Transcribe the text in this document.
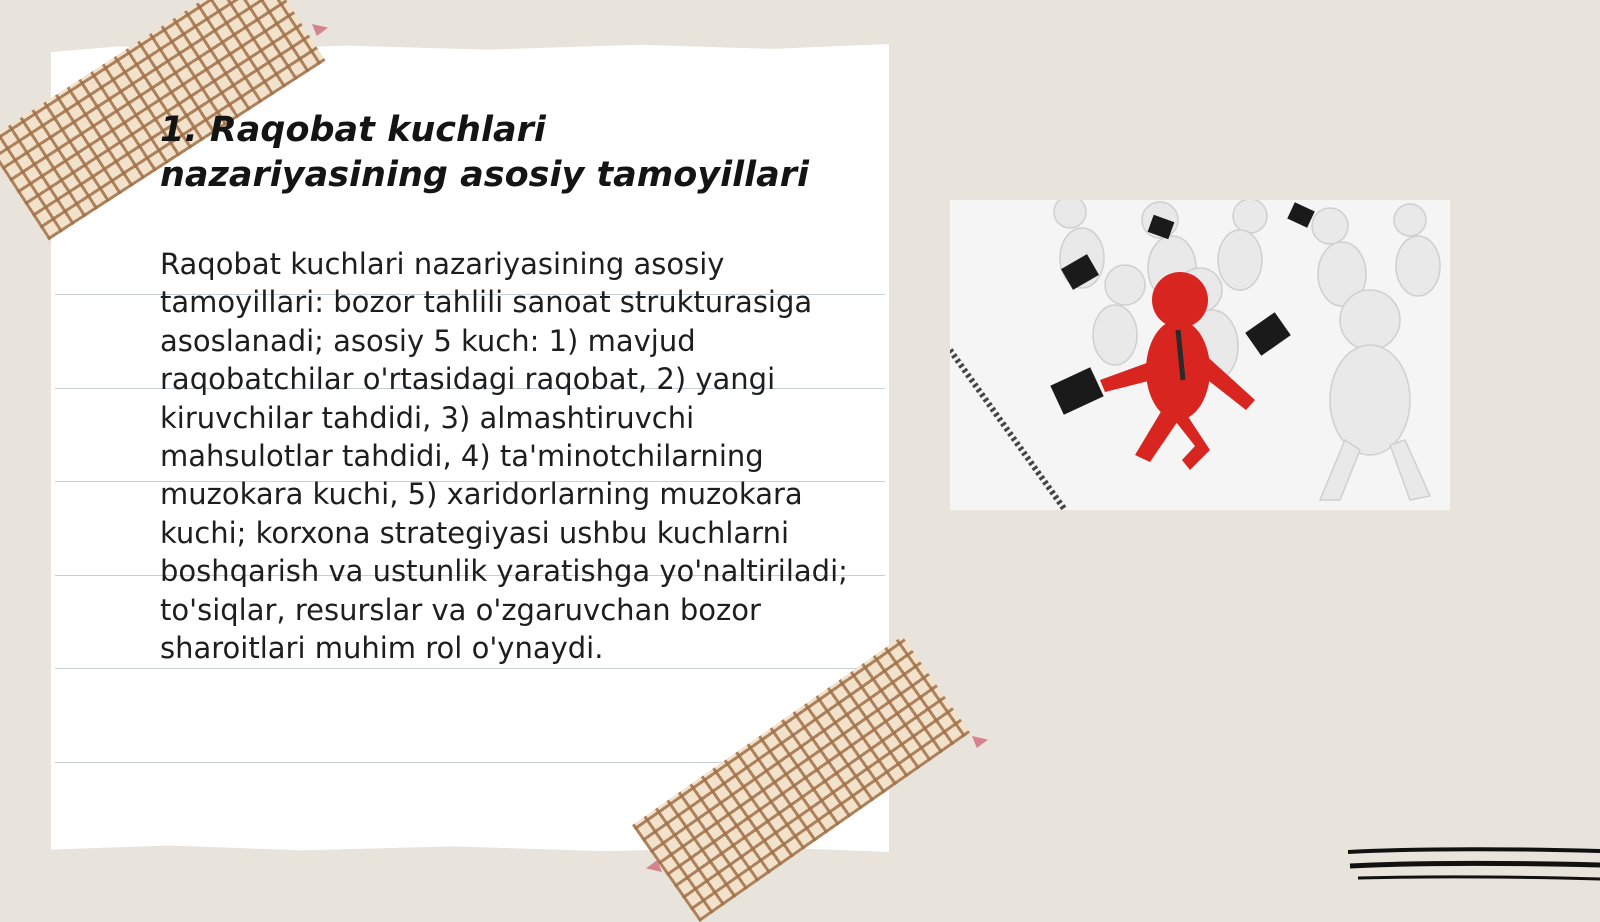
1. Raqobat kuchlari nazariyasining asosiy tamoyillari

Raqobat kuchlari nazariyasining asosiy tamoyillari: bozor tahlili sanoat strukturasiga asoslanadi; asosiy 5 kuch: 1) mavjud raqobatchilar o'rtasidagi raqobat, 2) yangi kiruvchilar tahdidi, 3) almashtiruvchi mahsulotlar tahdidi, 4) ta'minotchilarning muzokara kuchi, 5) xaridorlarning muzokara kuchi; korxona strategiyasi ushbu kuchlarni boshqarish va ustunlik yaratishga yo'naltiriladi; to'siqlar, resurslar va o'zgaruvchan bozor sharoitlari muhim rol o'ynaydi.
